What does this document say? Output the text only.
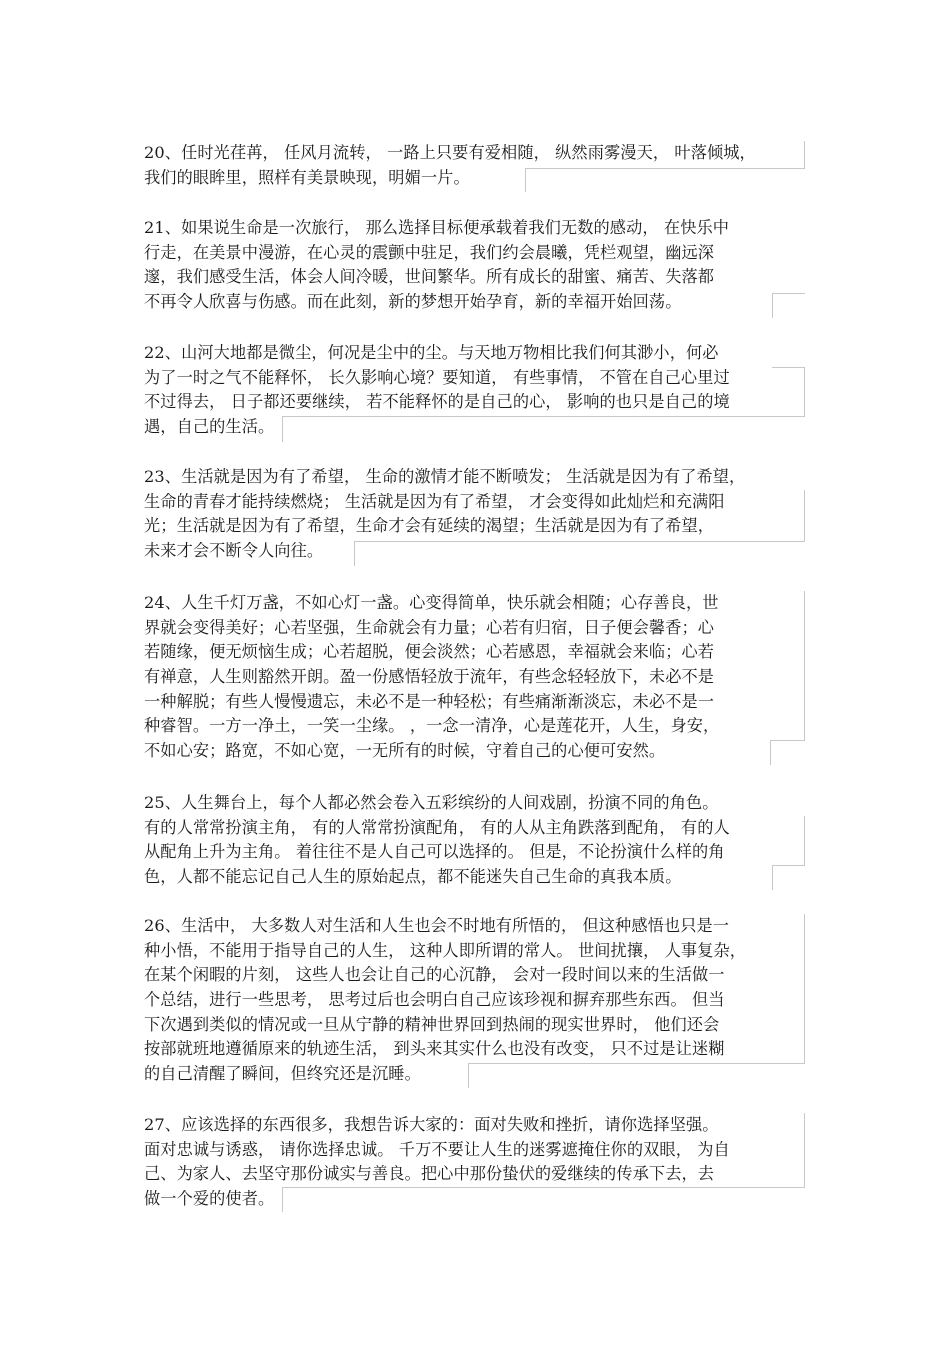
20、任时光荏苒， 任风月流转， 一路上只要有爱相随， 纵然雨雾漫天， 叶落倾城，
我们的眼眸里，照样有美景映现，明媚一片。
21、如果说生命是一次旅行， 那么选择目标便承载着我们无数的感动， 在快乐中
行走，在美景中漫游，在心灵的震颤中驻足，我们约会晨曦，凭栏观望，幽远深
邃，我们感受生活，体会人间冷暖，世间繁华。所有成长的甜蜜、痛苦、失落都
不再令人欣喜与伤感。而在此刻，新的梦想开始孕育，新的幸福开始回荡。
22、山河大地都是微尘，何况是尘中的尘。与天地万物相比我们何其渺小，何必
为了一时之气不能释怀， 长久影响心境？要知道， 有些事情， 不管在自己心里过
不过得去， 日子都还要继续， 若不能释怀的是自己的心， 影响的也只是自己的境
遇，自己的生活。
23、生活就是因为有了希望， 生命的激情才能不断喷发； 生活就是因为有了希望，
生命的青春才能持续燃烧； 生活就是因为有了希望， 才会变得如此灿烂和充满阳
光；生活就是因为有了希望，生命才会有延续的渴望；生活就是因为有了希望，
未来才会不断令人向往。
24、人生千灯万盏，不如心灯一盏。心变得简单，快乐就会相随；心存善良，世
界就会变得美好；心若坚强，生命就会有力量；心若有归宿，日子便会馨香；心
若随缘，便无烦恼生成；心若超脱，便会淡然；心若感恩，幸福就会来临；心若
有禅意，人生则豁然开朗。盈一份感悟轻放于流年，有些念轻轻放下，未必不是
一种解脱；有些人慢慢遗忘，未必不是一种轻松；有些痛渐渐淡忘，未必不是一
种睿智。一方一净土，一笑一尘缘。 ，一念一清净，心是莲花开，人生，身安，
不如心安；路宽，不如心宽，一无所有的时候，守着自己的心便可安然。
25、人生舞台上，每个人都必然会卷入五彩缤纷的人间戏剧，扮演不同的角色。
有的人常常扮演主角， 有的人常常扮演配角， 有的人从主角跌落到配角， 有的人
从配角上升为主角。 着往往不是人自己可以选择的。 但是，不论扮演什么样的角
色，人都不能忘记自己人生的原始起点，都不能迷失自己生命的真我本质。
26、生活中， 大多数人对生活和人生也会不时地有所悟的， 但这种感悟也只是一
种小悟，不能用于指导自己的人生， 这种人即所谓的常人。 世间扰攘， 人事复杂，
在某个闲暇的片刻， 这些人也会让自己的心沉静， 会对一段时间以来的生活做一
个总结，进行一些思考， 思考过后也会明白自己应该珍视和摒弃那些东西。 但当
下次遇到类似的情况或一旦从宁静的精神世界回到热闹的现实世界时， 他们还会
按部就班地遵循原来的轨迹生活， 到头来其实什么也没有改变， 只不过是让迷糊
的自己清醒了瞬间，但终究还是沉睡。
27、应该选择的东西很多，我想告诉大家的：面对失败和挫折，请你选择坚强。
面对忠诚与诱惑， 请你选择忠诚。 千万不要让人生的迷雾遮掩住你的双眼， 为自
己、为家人、去坚守那份诚实与善良。把心中那份蛰伏的爱继续的传承下去，去
做一个爱的使者。
